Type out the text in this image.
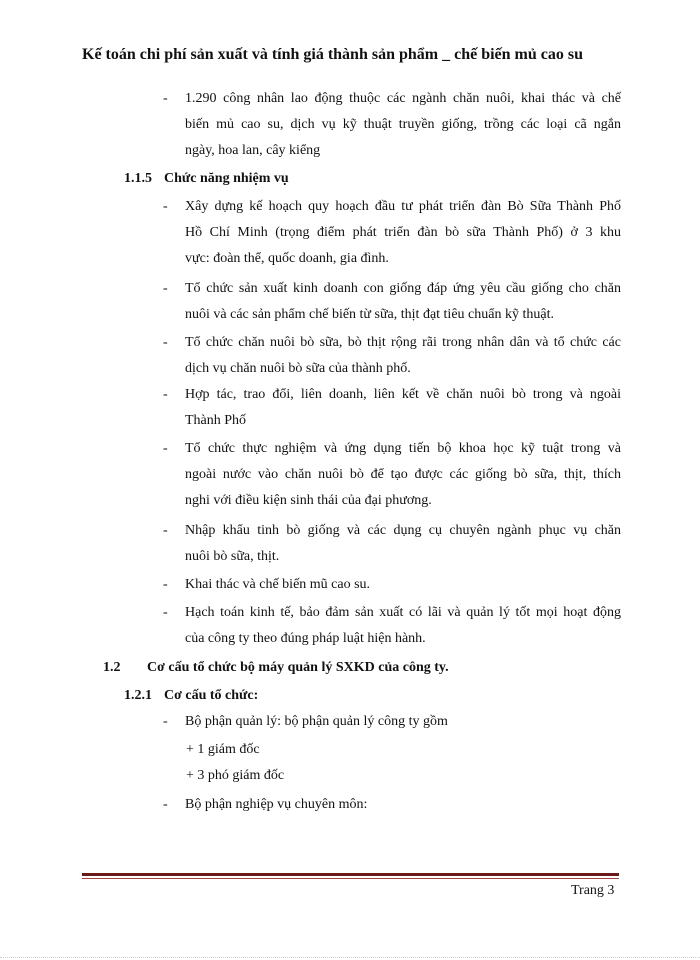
Kế toán chi phí sản xuất và tính giá thành sản phẩm _ chế biến mủ cao su
- 1.290 công nhân lao động thuộc các ngành chăn nuôi, khai thác và chế
biến mủ cao su, dịch vụ kỹ thuật truyền giống, trồng các loại cã ngắn
ngày, hoa lan, cây kiểng
1.1.5 Chức năng nhiệm vụ
- Xây dựng kế hoạch quy hoạch đầu tư phát triển đàn Bò Sữa Thành Phố
Hồ Chí Minh (trọng điểm phát triển đàn bò sữa Thành Phố) ở 3 khu
vực: đoàn thể, quốc doanh, gia đình.
- Tổ chức sản xuất kinh doanh con giống đáp ứng yêu cầu giống cho chăn
nuôi và các sản phẩm chế biến từ sữa, thịt đạt tiêu chuẩn kỹ thuật.
- Tổ chức chăn nuôi bò sữa, bò thịt rộng rãi trong nhân dân và tổ chức các
dịch vụ chăn nuôi bò sữa của thành phố.
- Hợp tác, trao đổi, liên doanh, liên kết về chăn nuôi bò trong và ngoài
Thành Phố
- Tổ chức thực nghiệm và ứng dụng tiến bộ khoa học kỹ tuật trong và
ngoài nước vào chăn nuôi bò để tạo được các giống bò sữa, thịt, thích
nghi với điều kiện sinh thái của đại phương.
- Nhập khẩu tinh bò giống và các dụng cụ chuyên ngành phục vụ chăn
nuôi bò sữa, thịt.
- Khai thác và chế biến mũ cao su.
- Hạch toán kinh tế, bảo đảm sản xuất có lãi và quản lý tốt mọi hoạt động
của công ty theo đúng pháp luật hiện hành.
1.2 Cơ cấu tổ chức bộ máy quản lý SXKD của công ty.
1.2.1 Cơ cấu tổ chức:
- Bộ phận quản lý: bộ phận quản lý công ty gồm
+ 1 giám đốc
+ 3 phó giám đốc
- Bộ phận nghiệp vụ chuyên môn:
Trang 3
